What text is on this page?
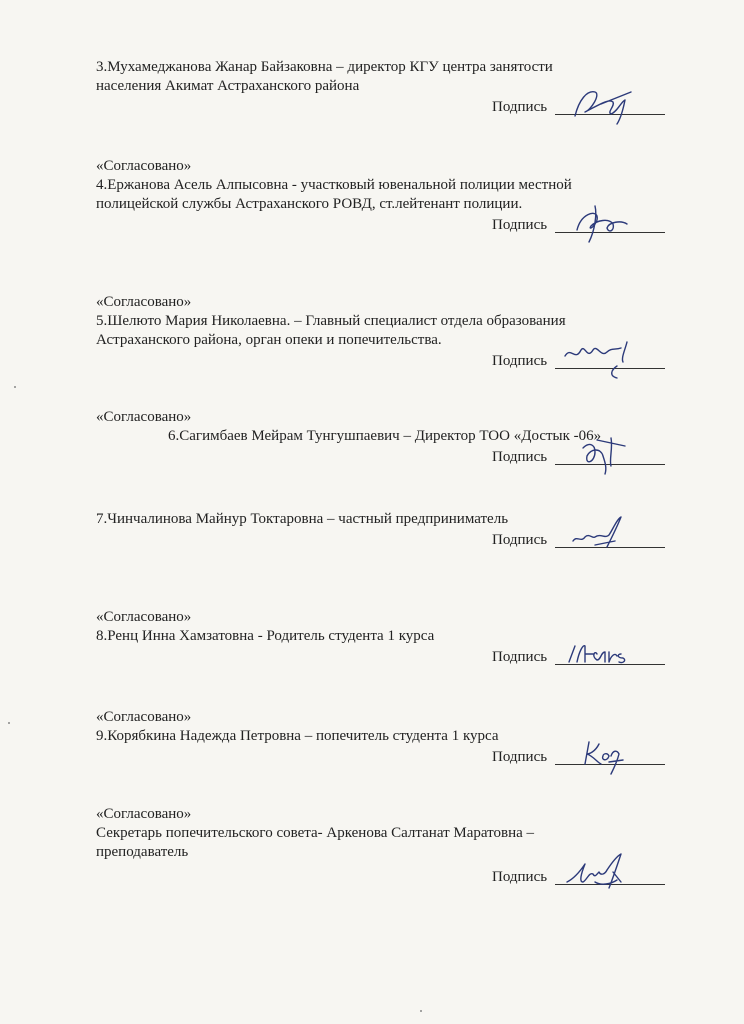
3.Мухамеджанова Жанар Байзаковна – директор КГУ центра занятости
населения Акимат Астраханского района
Подпись
«Согласовано»
4.Ержанова Асель Алпысовна - участковый ювенальной полиции местной
полицейской службы Астраханского РОВД, ст.лейтенант полиции.
Подпись
«Согласовано»
5.Шелюто Мария Николаевна. – Главный специалист отдела образования
Астраханского района, орган опеки и попечительства.
Подпись
«Согласовано»
6.Сагимбаев Мейрам Тунгушпаевич – Директор ТОО «Достык -06»
Подпись
7.Чинчалинова Майнур Токтаровна – частный предприниматель
Подпись
«Согласовано»
8.Ренц Инна Хамзатовна - Родитель студента 1 курса
Подпись
«Согласовано»
9.Корябкина Надежда Петровна – попечитель студента 1 курса
Подпись
«Согласовано»
Секретарь попечительского совета- Аркенова Салтанат Маратовна –
преподаватель
Подпись
